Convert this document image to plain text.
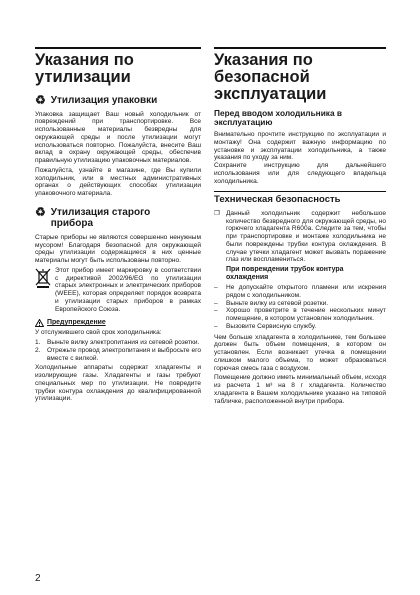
Указания по утилизации
♻ Утилизация упаковки

Упаковка защищает Ваш новый холодильник от повреждений при транспортировке. Все использованные материалы безвредны для окружающей среды и после утилизации могут использоваться повторно. Пожалуйста, внесите Ваш вклад в охрану окружающей среды, обеспечив правильную утилизацию упаковочных материалов.

Пожалуйста, узнайте в магазине, где Вы купили холодильник, или в местных административных органах о действующих способах утилизации упаковочного материала.

♻ Утилизация старого прибора

Старые приборы не являются совершенно ненужным мусором! Благодаря безопасной для окружающей среды утилизации содержащиеся в них ценные материалы могут быть использованы повторно.

Этот прибор имеет маркировку в соответствии с директивой 2002/96/EG по утилизации старых электронных и электрических приборов (WEEE), которая определяет порядок возврата и утилизации старых приборов в рамках Европейского Союза.

Предупреждение

У отслужившего свой срок холодильника:

1. Выньте вилку электропитания из сетевой розетки.
2. Отрежьте провод электропитания и выбросьте его вместе с вилкой.

Холодильные аппараты содержат хладагенты и изолирующие газы. Хладагенты и газы требуют специальных мер по утилизации. Не повредите трубки контура охлаждения до квалифицированной утилизации.

Указания по безопасной эксплуатации
Перед вводом холодильника в эксплуатацию

Внимательно прочтите инструкцию по эксплуатации и монтажу! Она содержит важную информацию по установке и эксплуатации холодильника, а также указания по уходу за ним.

Сохраните инструкцию для дальнейшего использования или для следующего владельца холодильника.

Техническая безопасность
❐ Данный холодильник содержит небольшое количество безвредного для окружающей среды, но горючего хладагента R600a. Следите за тем, чтобы при транспортировке и монтаже холодильника не были повреждены трубки контура охлаждения. В случае утечки хладагент может вызвать поражение глаз или воспламениться.
При повреждении трубок контура охлаждения
–	Не допускайте открытого пламени или искрения рядом с холодильником.
–	Выньте вилку из сетевой розетки.
–	Хорошо проветрите в течение нескольких минут помещение, в котором установлен холодильник.
–	Вызовите Сервисную службу.

Чем больше хладагента в холодильнике, тем большее должен быть объем помещения, в котором он установлен. Если возникает утечка в помещении слишком малого объема, то может образоваться горючая смесь газа с воздухом.

Помещение должно иметь минимальный объем, исходя из расчета 1 м³ на 8 г хладагента. Количество хладагента в Вашем холодильнике указано на типовой табличке, расположенной внутри прибора.

2
